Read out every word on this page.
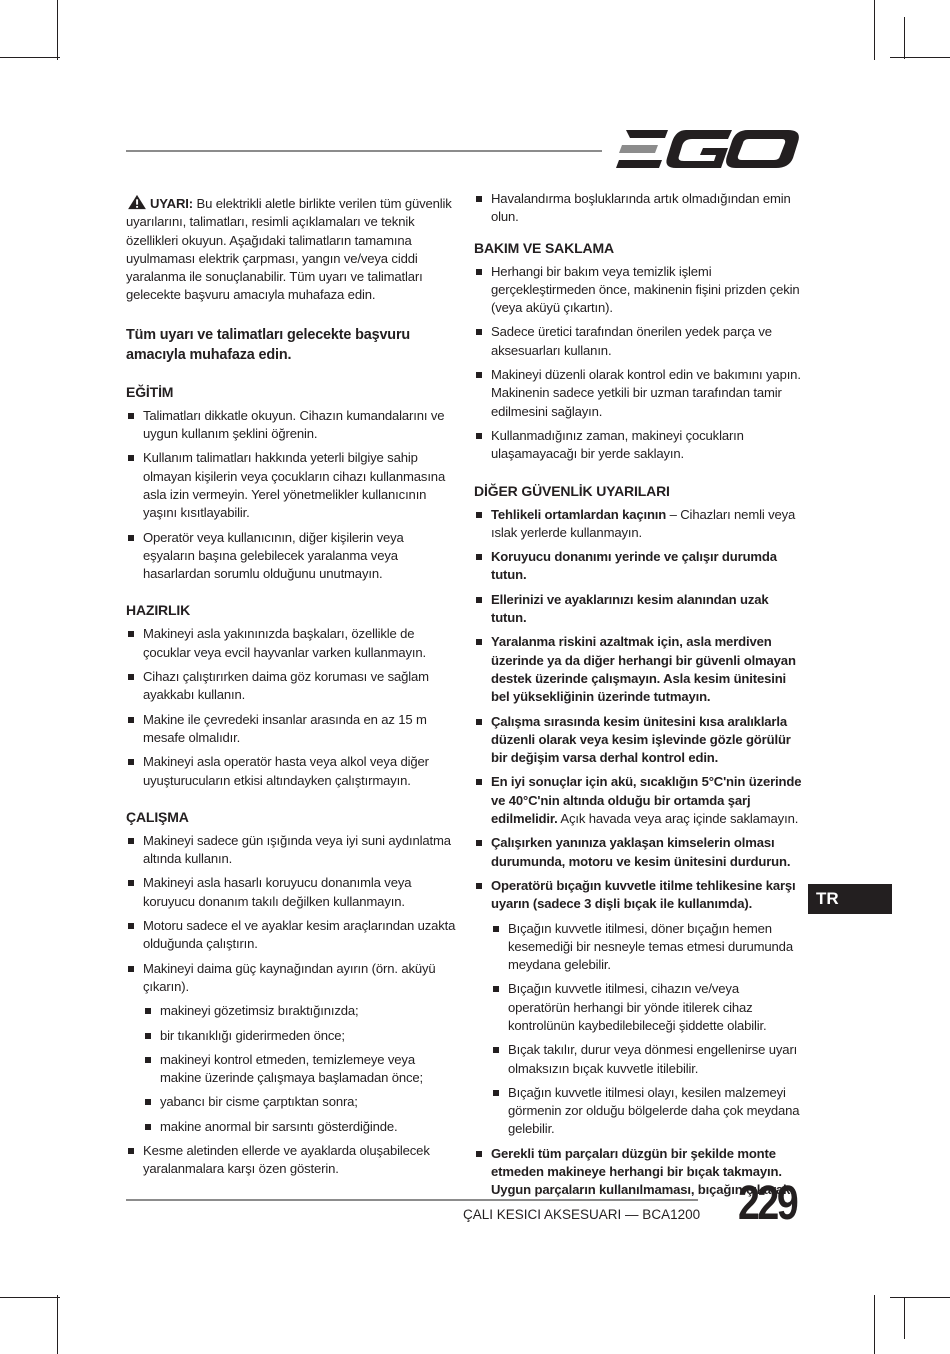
UYARI: Bu elektrikli aletle birlikte verilen tüm güvenlik uyarılarını, talimatları, resimli açıklamaları ve teknik özellikleri okuyun. Aşağıdaki talimatların tamamına uyulmaması elektrik çarpması, yangın ve/veya ciddi yaralanma ile sonuçlanabilir. Tüm uyarı ve talimatları gelecekte başvuru amacıyla muhafaza edin.

Tüm uyarı ve talimatları gelecekte başvuru amacıyla muhafaza edin.

EĞİTİM
Talimatları dikkatle okuyun. Cihazın kumandalarını ve uygun kullanım şeklini öğrenin.
Kullanım talimatları hakkında yeterli bilgiye sahip olmayan kişilerin veya çocukların cihazı kullanmasına asla izin vermeyin. Yerel yönetmelikler kullanıcının yaşını kısıtlayabilir.
Operatör veya kullanıcının, diğer kişilerin veya eşyaların başına gelebilecek yaralanma veya hasarlardan sorumlu olduğunu unutmayın.
HAZIRLIK
Makineyi asla yakınınızda başkaları, özellikle de çocuklar veya evcil hayvanlar varken kullanmayın.
Cihazı çalıştırırken daima göz koruması ve sağlam ayakkabı kullanın.
Makine ile çevredeki insanlar arasında en az 15 m mesafe olmalıdır.
Makineyi asla operatör hasta veya alkol veya diğer uyuşturucuların etkisi altındayken çalıştırmayın.
ÇALIŞMA
Makineyi sadece gün ışığında veya iyi suni aydınlatma altında kullanın.
Makineyi asla hasarlı koruyucu donanımla veya koruyucu donanım takılı değilken kullanmayın.
Motoru sadece el ve ayaklar kesim araçlarından uzakta olduğunda çalıştırın.
Makineyi daima güç kaynağından ayırın (örn. aküyü çıkarın).
makineyi gözetimsiz bıraktığınızda;
bir tıkanıklığı giderirmeden önce;
makineyi kontrol etmeden, temizlemeye veya makine üzerinde çalışmaya başlamadan önce;
yabancı bir cisme çarptıktan sonra;
makine anormal bir sarsıntı gösterdiğinde.
Kesme aletinden ellerde ve ayaklarda oluşabilecek yaralanmalara karşı özen gösterin.
Havalandırma boşluklarında artık olmadığından emin olun.
BAKIM VE SAKLAMA
Herhangi bir bakım veya temizlik işlemi gerçekleştirmeden önce, makinenin fişini prizden çekin (veya aküyü çıkartın).
Sadece üretici tarafından önerilen yedek parça ve aksesuarları kullanın.
Makineyi düzenli olarak kontrol edin ve bakımını yapın. Makinenin sadece yetkili bir uzman tarafından tamir edilmesini sağlayın.
Kullanmadığınız zaman, makineyi çocukların ulaşamayacağı bir yerde saklayın.
DİĞER GÜVENLİK UYARILARI
Tehlikeli ortamlardan kaçının – Cihazları nemli veya ıslak yerlerde kullanmayın.
Koruyucu donanımı yerinde ve çalışır durumda tutun.
Ellerinizi ve ayaklarınızı kesim alanından uzak tutun.
Yaralanma riskini azaltmak için, asla merdiven üzerinde ya da diğer herhangi bir güvenli olmayan destek üzerinde çalışmayın. Asla kesim ünitesini bel yüksekliğinin üzerinde tutmayın.
Çalışma sırasında kesim ünitesini kısa aralıklarla düzenli olarak veya kesim işlevinde gözle görülür bir değişim varsa derhal kontrol edin.
En iyi sonuçlar için akü, sıcaklığın 5°C'nin üzerinde ve 40°C'nin altında olduğu bir ortamda şarj edilmelidir. Açık havada veya araç içinde saklamayın.
Çalışırken yanınıza yaklaşan kimselerin olması durumunda, motoru ve kesim ünitesini durdurun.
Operatörü bıçağın kuvvetle itilme tehlikesine karşı uyarın (sadece 3 dişli bıçak ile kullanımda).
Bıçağın kuvvetle itilmesi, döner bıçağın hemen kesemediği bir nesneyle temas etmesi durumunda meydana gelebilir.
Bıçağın kuvvetle itilmesi, cihazın ve/veya operatörün herhangi bir yönde itilerek cihaz kontrolünün kaybedilebileceği şiddette olabilir.
Bıçak takılır, durur veya dönmesi engellenirse uyarı olmaksızın bıçak kuvvetle itilebilir.
Bıçağın kuvvetle itilmesi olayı, kesilen malzemeyi görmenin zor olduğu bölgelerde daha çok meydana gelebilir.
Gerekli tüm parçaları düzgün bir şekilde monte etmeden makineye herhangi bir bıçak takmayın. Uygun parçaların kullanılmaması, bıçağın çıkarak
TR
ÇALI KESICI AKSESUARI — BCA1200 229
